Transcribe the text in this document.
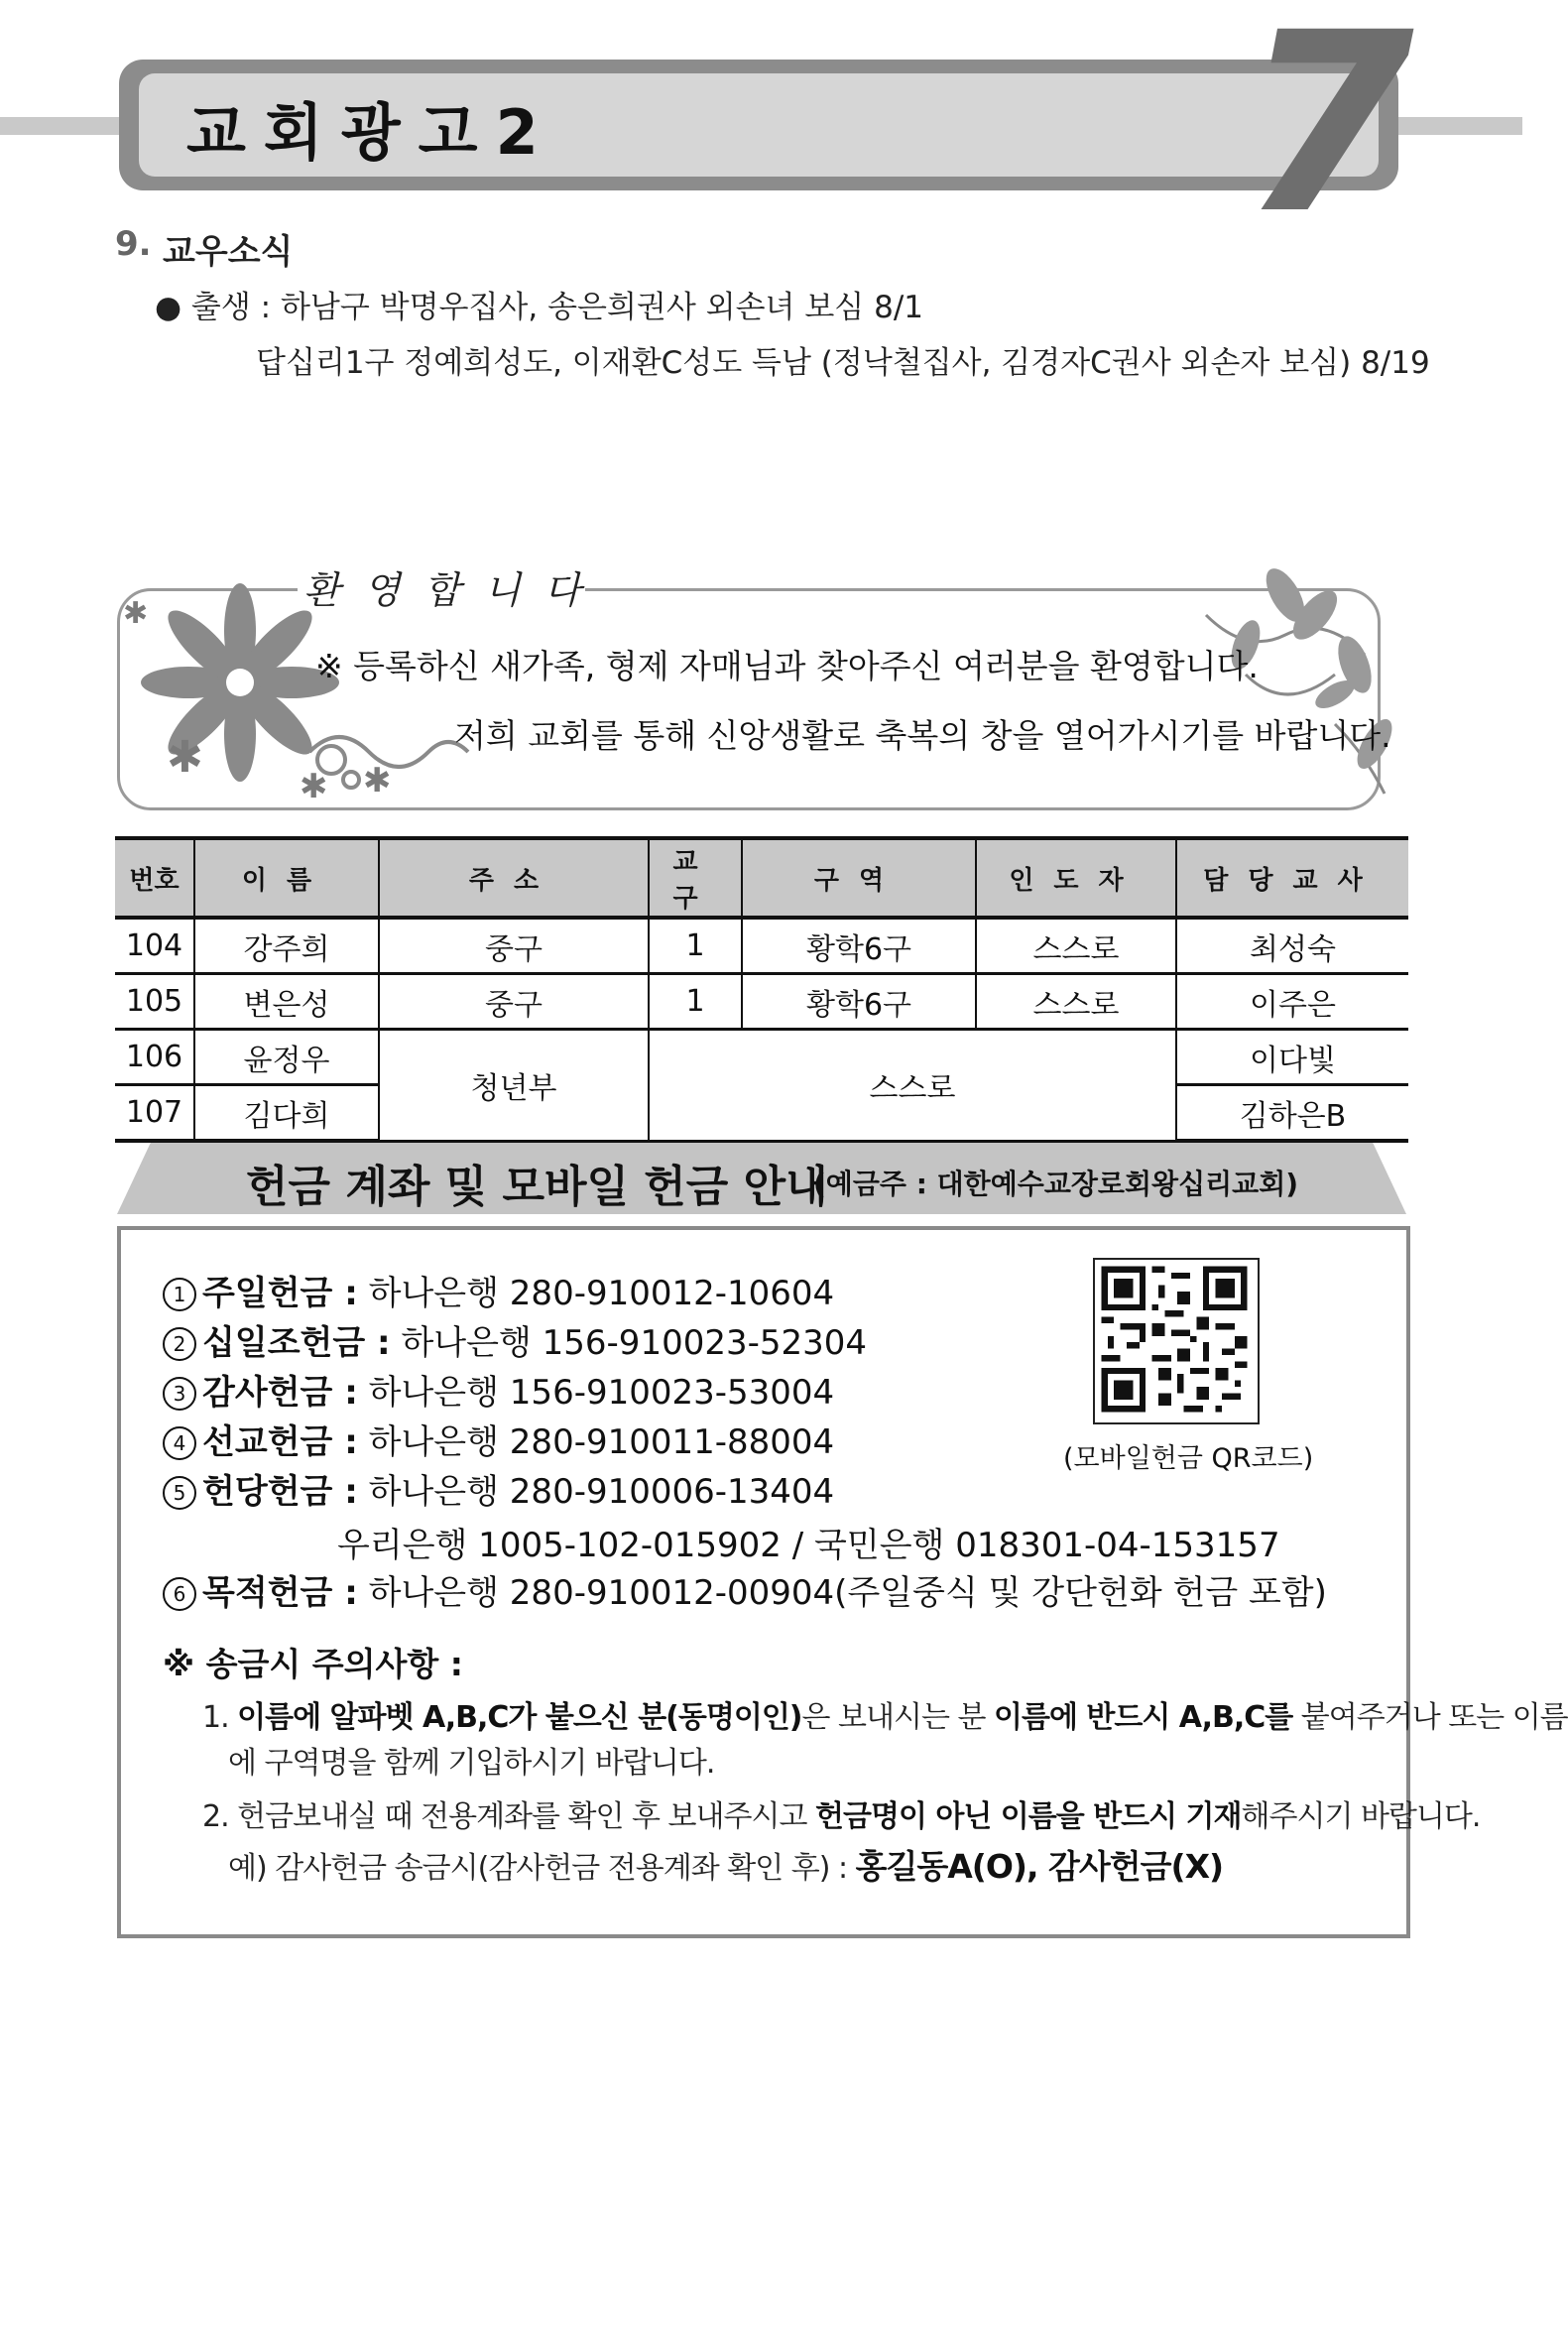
교회광고2	7
9. 교우소식
● 출생 : 하남구 박명우집사, 송은희권사 외손녀 보심 8/1
답십리1구 정예희성도, 이재환C성도 득남 (정낙철집사, 김경자C권사 외손자 보심) 8/19
환영합니다
✱	✱
✱
✱
※ 등록하신 새가족, 형제 자매님과 찾아주신 여러분을 환영합니다.
저희 교회를 통해 신앙생활로 축복의 창을 열어가시기를 바랍니다.
번호	이름	주소	교구	구역	인도자	담당교사
104	강주희	중구	1	황학6구	스스로	최성숙
105	변은성	중구	1	황학6구	스스로	이주은
106	윤정우	청년부	스스로			이다빛
107	김다희					김하은B
헌금 계좌 및 모바일 헌금 안내
(예금주 : 대한예수교장로회왕십리교회)
1 주일헌금 : 하나은행 280-910012-10604
2 십일조헌금 : 하나은행 156-910023-52304
3 감사헌금 : 하나은행 156-910023-53004
4 선교헌금 : 하나은행 280-910011-88004
5 헌당헌금 : 하나은행 280-910006-13404
우리은행 1005-102-015902 / 국민은행 018301-04-153157
6 목적헌금 : 하나은행 280-910012-00904(주일중식 및 강단헌화 헌금 포함)
(모바일헌금 QR코드)
※ 송금시 주의사항 :
1. 이름에 알파벳 A,B,C가 붙으신 분(동명이인)은 보내시는 분 이름에 반드시 A,B,C를 붙여주거나 또는 이름
에 구역명을 함께 기입하시기 바랍니다.
2. 헌금보내실 때 전용계좌를 확인 후 보내주시고 헌금명이 아닌 이름을 반드시 기재해주시기 바랍니다.
예) 감사헌금 송금시(감사헌금 전용계좌 확인 후) : 홍길동A(O), 감사헌금(X)
